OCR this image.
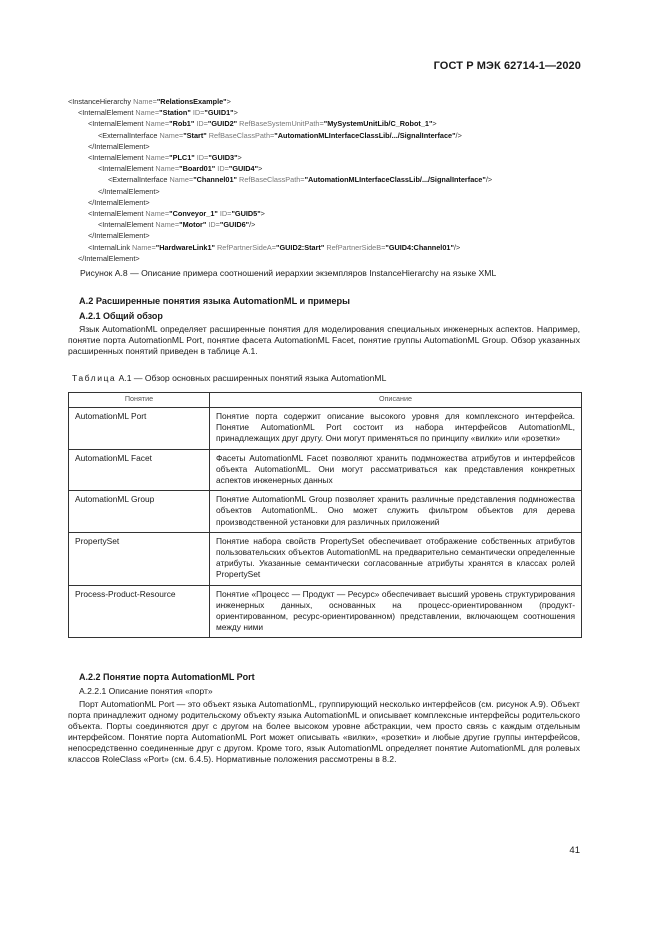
ГОСТ Р МЭК 62714-1—2020
<InstanceHierarchy Name="RelationsExample">
<InternalElement Name="Station" ID="GUID1">
<InternalElement Name="Rob1" ID="GUID2" RefBaseSystemUnitPath="MySystemUnitLib/C_Robot_1">
<ExternalInterface Name="Start" RefBaseClassPath="AutomationMLInterfaceClassLib/.../SignalInterface"/>
</InternalElement>
<InternalElement Name="PLC1" ID="GUID3">
<InternalElement Name="Board01" ID="GUID4">
<ExternalInterface Name="Channel01" RefBaseClassPath="AutomationMLInterfaceClassLib/.../SignalInterface"/>
</InternalElement>
</InternalElement>
<InternalElement Name="Conveyor_1" ID="GUID5">
<InternalElement Name="Motor" ID="GUID6"/>
</InternalElement>
<InternalLink Name="HardwareLink1" RefPartnerSideA="GUID2:Start" RefPartnerSideB="GUID4:Channel01"/>
</InternalElement>
Рисунок А.8 — Описание примера соотношений иерархии экземпляров InstanceHierarchy на языке XML
А.2 Расширенные понятия языка AutomationML и примеры
А.2.1 Общий обзор
Язык AutomationML определяет расширенные понятия для моделирования специальных инженерных аспектов. Например, понятие порта AutomationML Port, понятие фасета AutomationML Facet, понятие группы AutomationML Group. Обзор указанных расширенных понятий приведен в таблице А.1.
Таблица А.1 — Обзор основных расширенных понятий языка AutomationML
Понятие	Описание
AutomationML Port	Понятие порта содержит описание высокого уровня для комплексного интерфейса. Понятие AutomationML Port состоит из набора интерфейсов AutomationML, принадлежащих друг другу. Они могут применяться по принципу «вилки» или «розетки»
AutomationML Facet	Фасеты AutomationML Facet позволяют хранить подмножества атрибутов и интерфейсов объекта AutomationML. Они могут рассматриваться как представления конкретных аспектов инженерных данных
AutomationML Group	Понятие AutomationML Group позволяет хранить различные представления подмножества объектов AutomationML. Оно может служить фильтром объектов для дерева производственной установки для различных приложений
PropertySet	Понятие набора свойств PropertySet обеспечивает отображение собственных атрибутов пользовательских объектов AutomationML на предварительно семантически определенные атрибуты. Указанные семантически согласованные атрибуты хранятся в классах ролей PropertySet
Process-Product-Resource	Понятие «Процесс — Продукт — Ресурс» обеспечивает высший уровень структурирования инженерных данных, основанных на процесс-ориентированном (продукт-ориентированном, ресурс-ориентированном) представлении, включающем соотношения между ними
А.2.2 Понятие порта AutomationML Port
А.2.2.1 Описание понятия «порт»
Порт AutomationML Port — это объект языка AutomationML, группирующий несколько интерфейсов (см. рисунок А.9). Объект порта принадлежит одному родительскому объекту языка AutomationML и описывает комплексные интерфейсы родительского объекта. Порты соединяются друг с другом на более высоком уровне абстракции, чем просто связь с каждым отдельным интерфейсом. Понятие порта AutomationML Port может описывать «вилки», «розетки» и любые другие группы интерфейсов, непосредственно соединенные друг с другом. Кроме того, язык AutomationML определяет понятие AutomationML для ролевых классов RoleClass «Port» (см. 6.4.5). Нормативные положения рассмотрены в 8.2.
41
